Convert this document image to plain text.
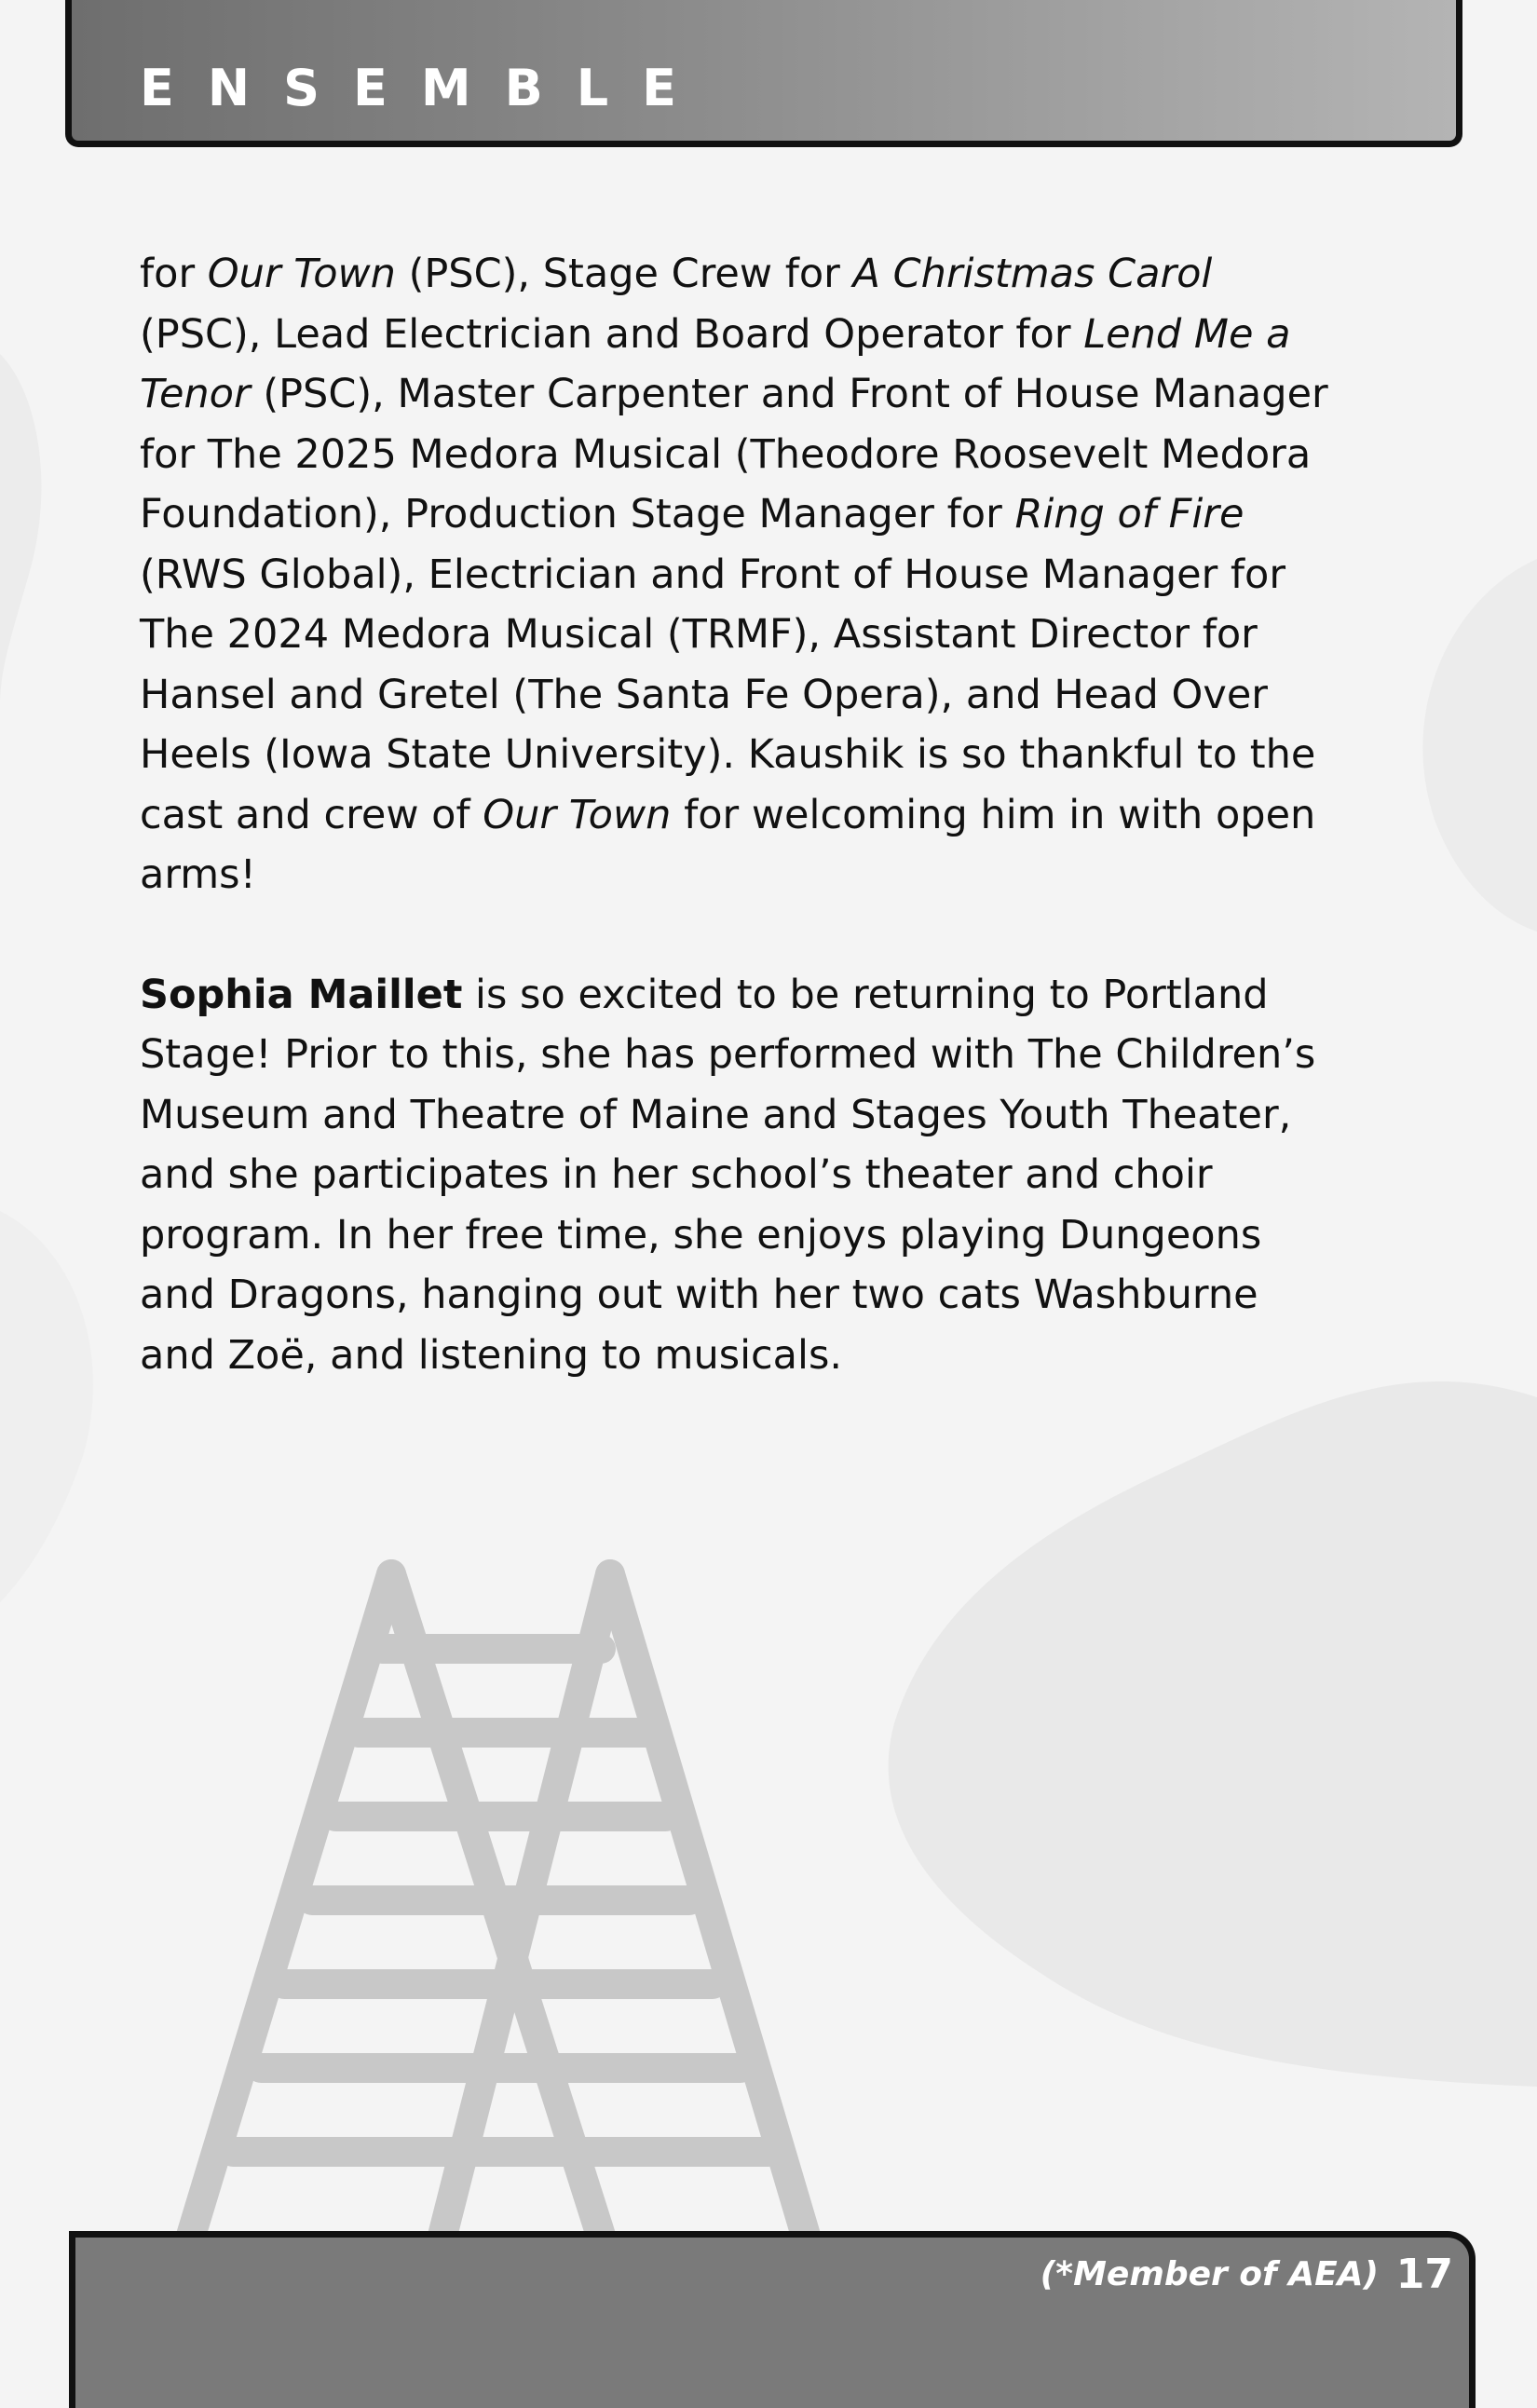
ENSEMBLE

for Our Town (PSC), Stage Crew for A Christmas Carol (PSC), Lead Electrician and Board Operator for Lend Me a Tenor (PSC), Master Carpenter and Front of House Manager for The 2025 Medora Musical (Theodore Roosevelt Medora Foundation), Production Stage Manager for Ring of Fire (RWS Global), Electrician and Front of House Manager for The 2024 Medora Musical (TRMF), Assistant Director for Hansel and Gretel (The Santa Fe Opera), and Head Over Heels (Iowa State University). Kaushik is so thankful to the cast and crew of Our Town for welcoming him in with open arms!

Sophia Maillet is so excited to be returning to Portland Stage! Prior to this, she has performed with The Children’s Museum and Theatre of Maine and Stages Youth Theater, and she participates in her school’s theater and choir program. In her free time, she enjoys playing Dungeons and Dragons, hanging out with her two cats Washburne and Zoë, and listening to musicals.

(*Member of AEA) 17
